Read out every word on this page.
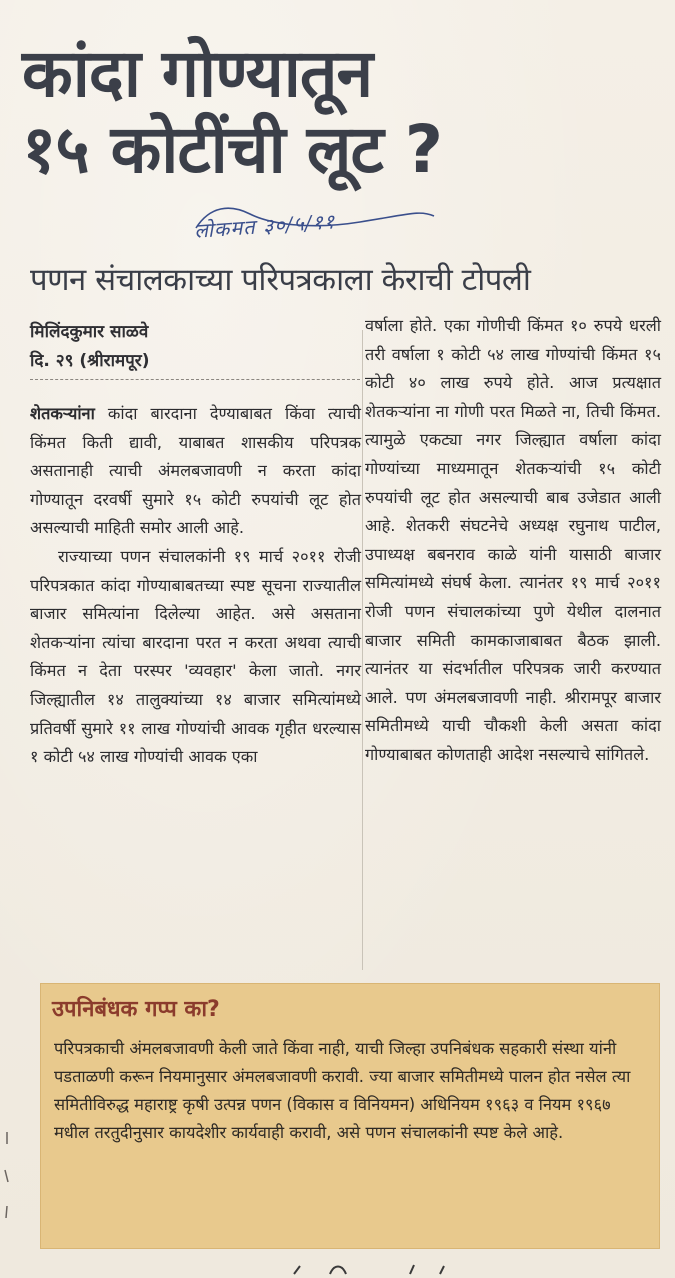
कांदा गोण्यातून
१५ कोटींची लूट ?
लोकमत ३०/५/११
पणन संचालकाच्या परिपत्रकाला केराची टोपली
मिलिंदकुमार साळवे
दि. २९ (श्रीरामपूर)

शेतकऱ्यांना कांदा बारदाना देण्याबाबत किंवा त्याची किंमत किती द्यावी, याबाबत शासकीय परिपत्रक असतानाही त्याची अंमलबजावणी न करता कांदा गोण्यातून दरवर्षी सुमारे १५ कोटी रुपयांची लूट होत असल्याची माहिती समोर आली आहे.

राज्याच्या पणन संचालकांनी १९ मार्च २०११ रोजी परिपत्रकात कांदा गोण्याबाबतच्या स्पष्ट सूचना राज्यातील बाजार समित्यांना दिलेल्या आहेत. असे असताना शेतकऱ्यांना त्यांचा बारदाना परत न करता अथवा त्याची किंमत न देता परस्पर 'व्यवहार' केला जातो. नगर जिल्ह्यातील १४ तालुक्यांच्या १४ बाजार समित्यांमध्ये प्रतिवर्षी सुमारे ११ लाख गोण्यांची आवक गृहीत धरल्यास १ कोटी ५४ लाख गोण्यांची आवक एका

वर्षाला होते. एका गोणीची किंमत १० रुपये धरली तरी वर्षाला १ कोटी ५४ लाख गोण्यांची किंमत १५ कोटी ४० लाख रुपये होते. आज प्रत्यक्षात शेतकऱ्यांना ना गोणी परत मिळते ना, तिची किंमत. त्यामुळे एकट्या नगर जिल्ह्यात वर्षाला कांदा गोण्यांच्या माध्यमातून शेतकऱ्यांची १५ कोटी रुपयांची लूट होत असल्याची बाब उजेडात आली आहे. शेतकरी संघटनेचे अध्यक्ष रघुनाथ पाटील, उपाध्यक्ष बबनराव काळे यांनी यासाठी बाजार समित्यांमध्ये संघर्ष केला. त्यानंतर १९ मार्च २०११ रोजी पणन संचालकांच्या पुणे येथील दालनात बाजार समिती कामकाजाबाबत बैठक झाली. त्यानंतर या संदर्भातील परिपत्रक जारी करण्यात आले. पण अंमलबजावणी नाही. श्रीरामपूर बाजार समितीमध्ये याची चौकशी केली असता कांदा गोण्याबाबत कोणताही आदेश नसल्याचे सांगितले.

उपनिबंधक गप्प का?

परिपत्रकाची अंमलबजावणी केली जाते किंवा नाही, याची जिल्हा उपनिबंधक सहकारी संस्था यांनी पडताळणी करून नियमानुसार अंमलबजावणी करावी. ज्या बाजार समितीमध्ये पालन होत नसेल त्या समितीविरुद्ध महाराष्ट्र कृषी उत्पन्न पणन (विकास व विनियमन) अधिनियम १९६३ व नियम १९६७ मधील तरतुदीनुसार कायदेशीर कार्यवाही करावी, असे पणन संचालकांनी स्पष्ट केले आहे.
